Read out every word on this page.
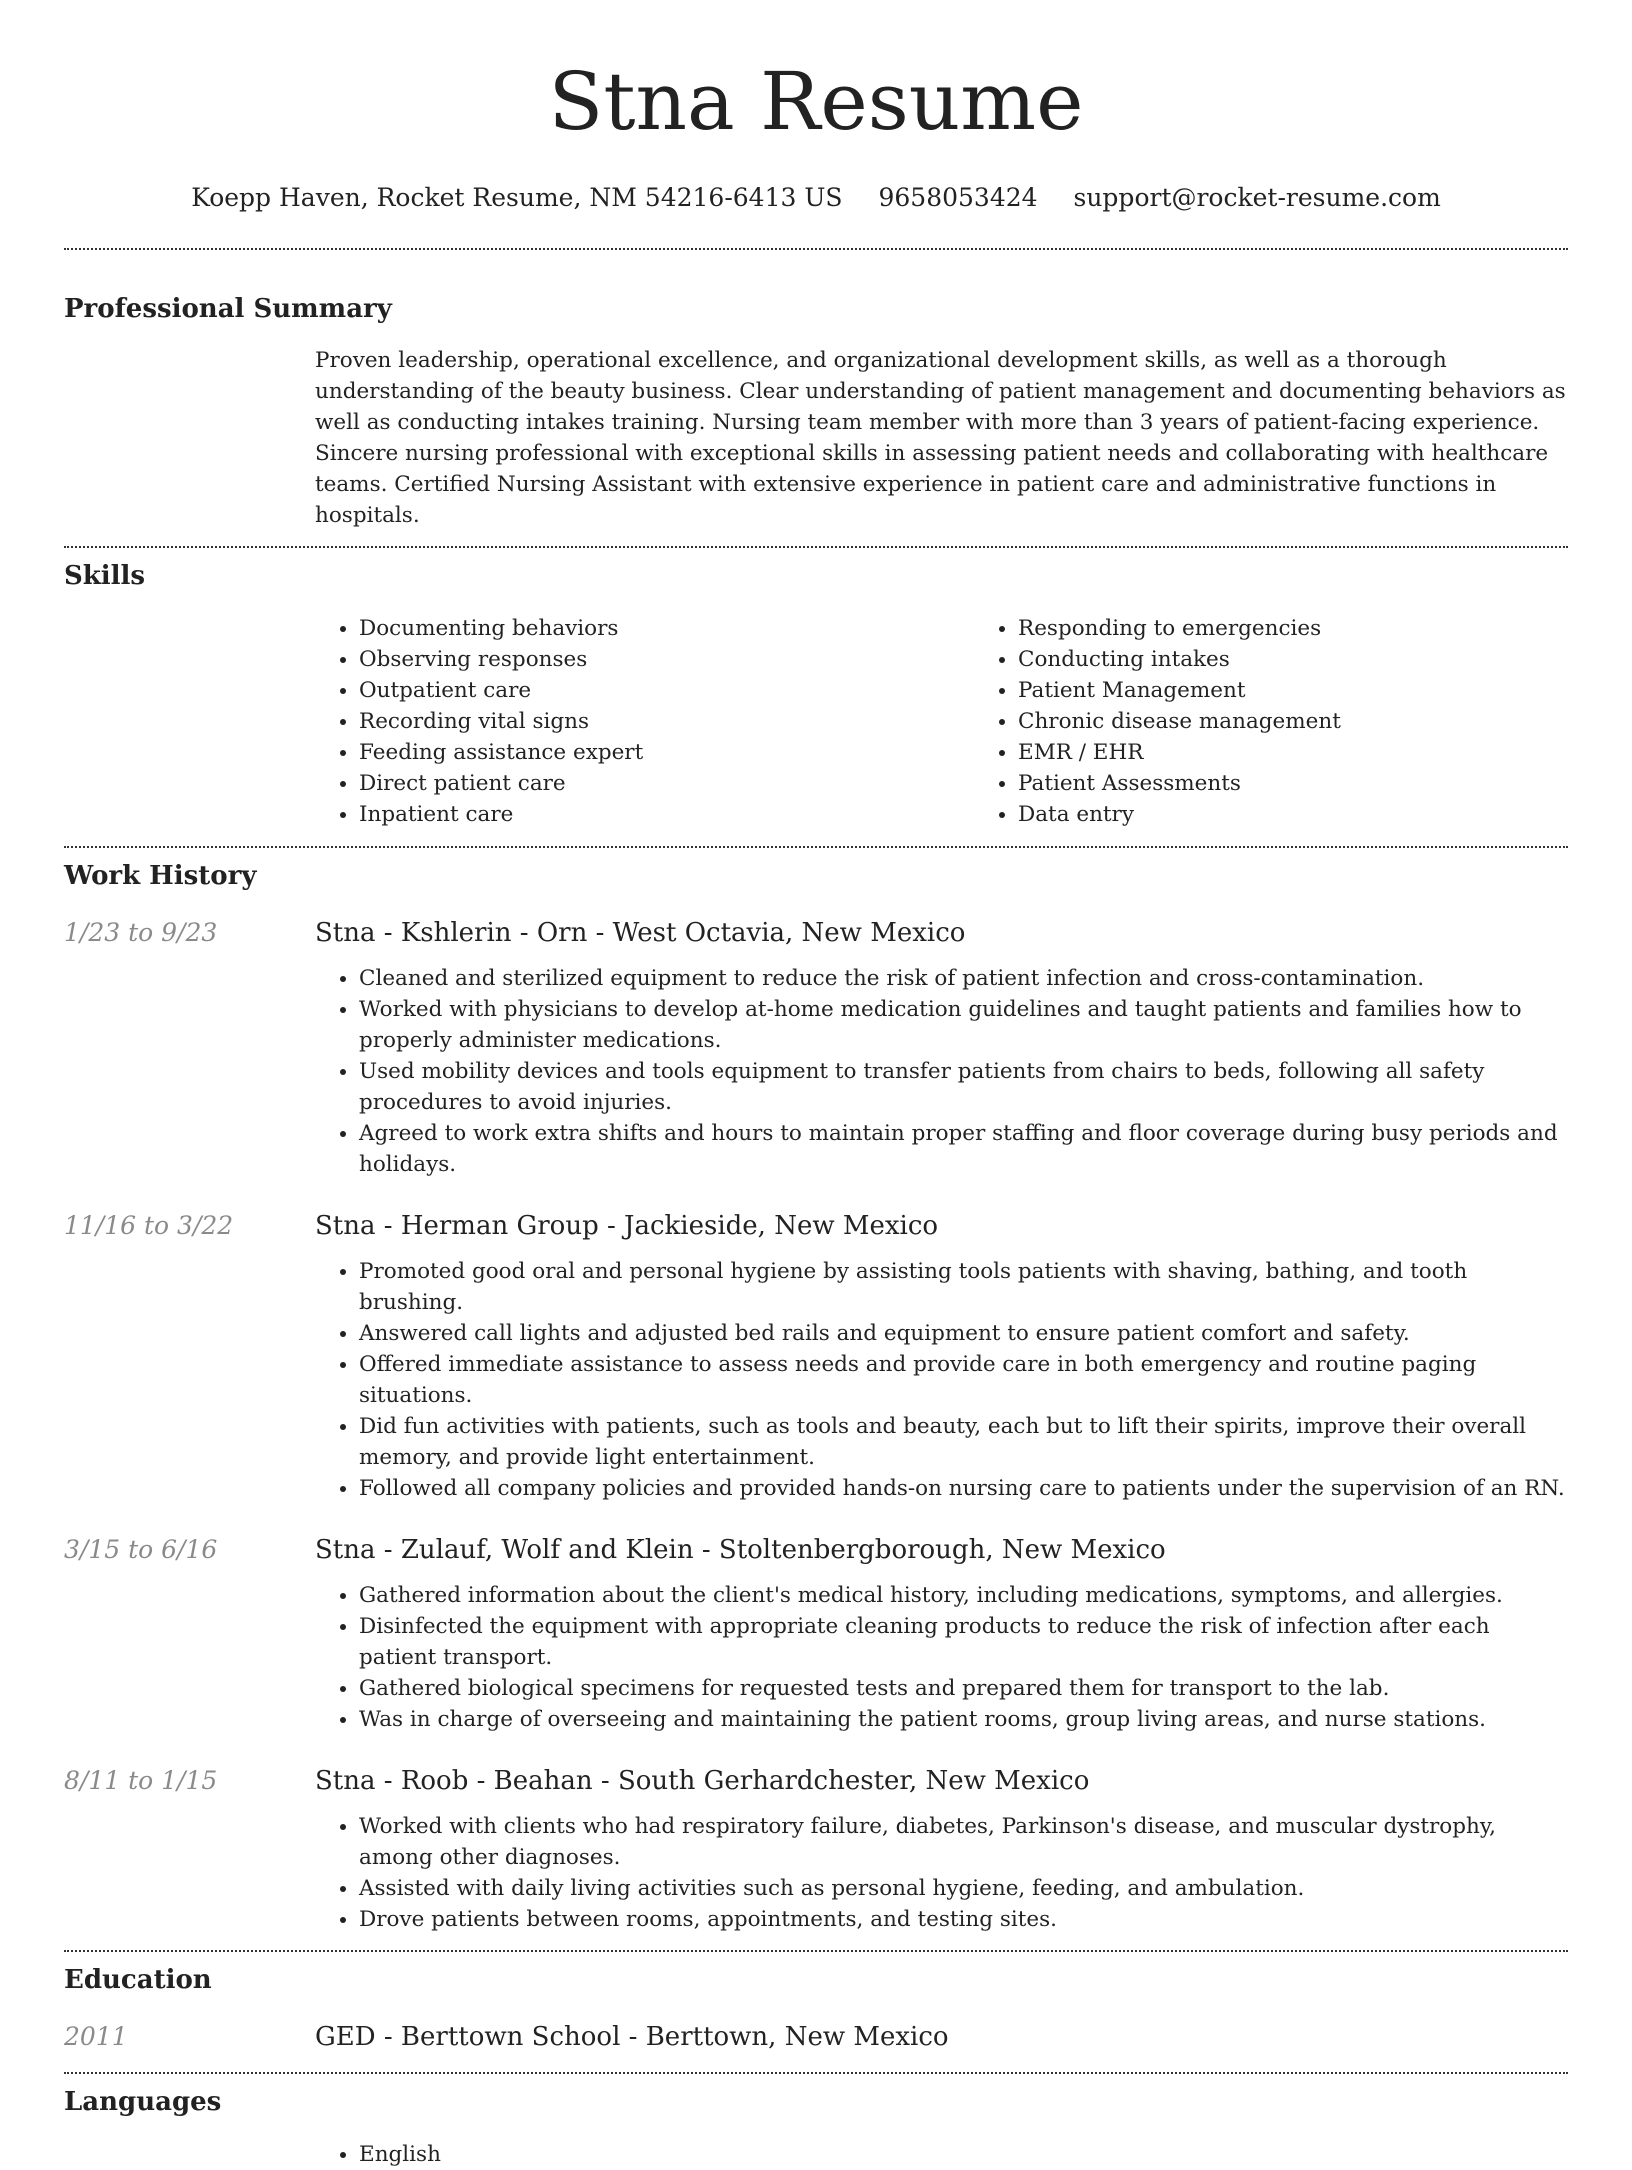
Stna Resume
Koepp Haven, Rocket Resume, NM 54216-6413 US 9658053424 support@rocket-resume.com
Professional Summary

Proven leadership, operational excellence, and organizational development skills, as well as a thorough understanding of the beauty business. Clear understanding of patient management and documenting behaviors as well as conducting intakes training. Nursing team member with more than 3 years of patient-facing experience. Sincere nursing professional with exceptional skills in assessing patient needs and collaborating with healthcare teams. Certified Nursing Assistant with extensive experience in patient care and administrative functions in hospitals.

Skills
• Documenting behaviors
• Observing responses
• Outpatient care
• Recording vital signs
• Feeding assistance expert
• Direct patient care
• Inpatient care
• Responding to emergencies
• Conducting intakes
• Patient Management
• Chronic disease management
• EMR / EHR
• Patient Assessments
• Data entry
Work History
1/23 to 9/23	Stna - Kshlerin - Orn - West Octavia, New Mexico
• Cleaned and sterilized equipment to reduce the risk of patient infection and cross-contamination.
• Worked with physicians to develop at-home medication guidelines and taught patients and families how to properly administer medications.
• Used mobility devices and tools equipment to transfer patients from chairs to beds, following all safety procedures to avoid injuries.
• Agreed to work extra shifts and hours to maintain proper staffing and floor coverage during busy periods and holidays.
11/16 to 3/22	Stna - Herman Group - Jackieside, New Mexico
• Promoted good oral and personal hygiene by assisting tools patients with shaving, bathing, and tooth brushing.
• Answered call lights and adjusted bed rails and equipment to ensure patient comfort and safety.
• Offered immediate assistance to assess needs and provide care in both emergency and routine paging situations.
• Did fun activities with patients, such as tools and beauty, each but to lift their spirits, improve their overall memory, and provide light entertainment.
• Followed all company policies and provided hands-on nursing care to patients under the supervision of an RN.
3/15 to 6/16	Stna - Zulauf, Wolf and Klein - Stoltenbergborough, New Mexico
• Gathered information about the client's medical history, including medications, symptoms, and allergies.
• Disinfected the equipment with appropriate cleaning products to reduce the risk of infection after each patient transport.
• Gathered biological specimens for requested tests and prepared them for transport to the lab.
• Was in charge of overseeing and maintaining the patient rooms, group living areas, and nurse stations.
8/11 to 1/15	Stna - Roob - Beahan - South Gerhardchester, New Mexico
• Worked with clients who had respiratory failure, diabetes, Parkinson's disease, and muscular dystrophy, among other diagnoses.
• Assisted with daily living activities such as personal hygiene, feeding, and ambulation.
• Drove patients between rooms, appointments, and testing sites.
Education
2011	GED - Berttown School - Berttown, New Mexico
Languages
• English
